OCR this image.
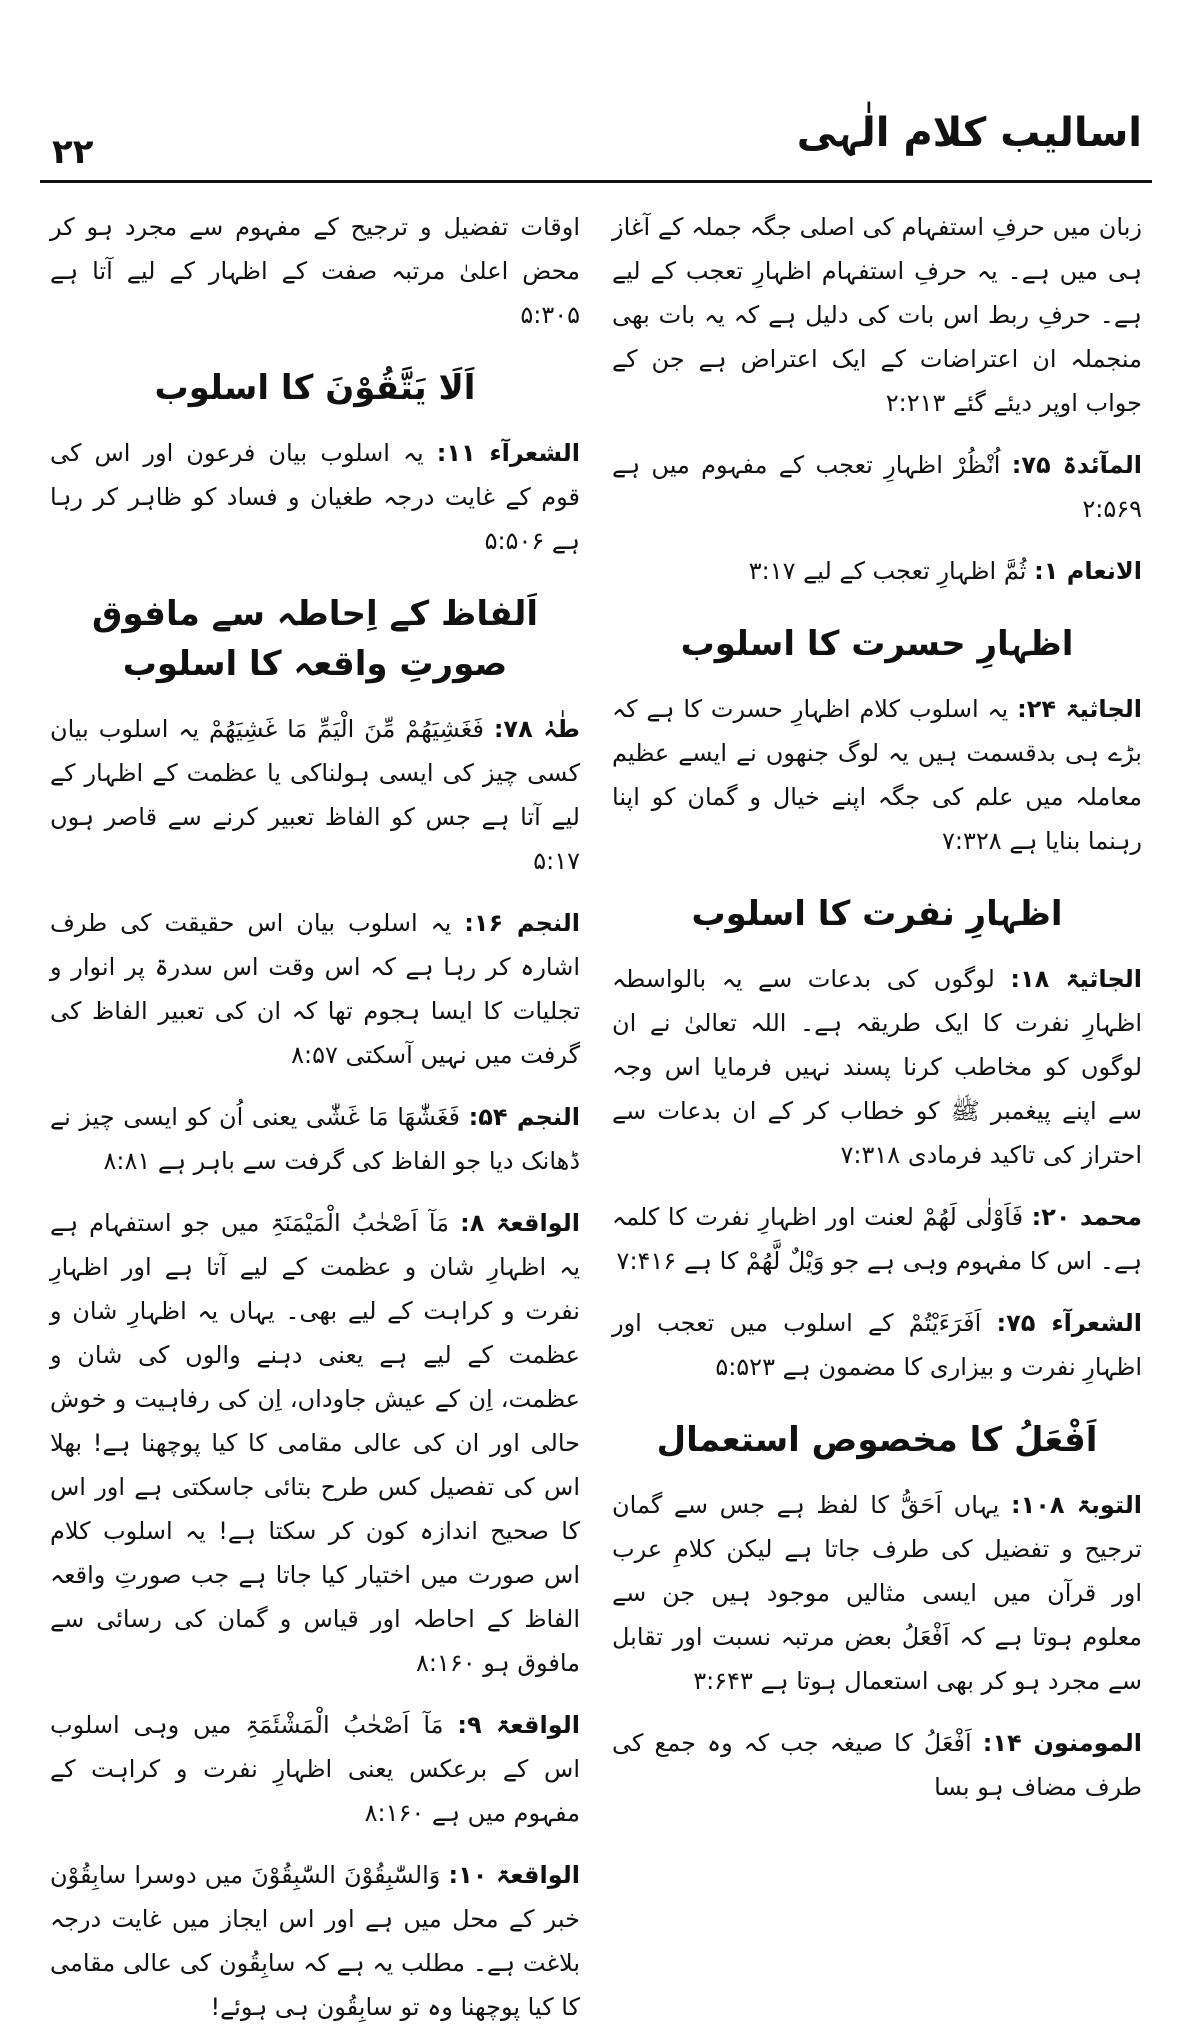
اسالیب کلام الٰہی
۲۲

زبان میں حرفِ استفہام کی اصلی جگہ جملہ کے آغاز ہی میں ہے۔ یہ حرفِ استفہام اظہارِ تعجب کے لیے ہے۔ حرفِ ربط اس بات کی دلیل ہے کہ یہ بات بھی منجملہ ان اعتراضات کے ایک اعتراض ہے جن کے جواب اوپر دیئے گئے ۲:۲۱۳

المآئدۃ ۷۵: اُنْظُرْ اظہارِ تعجب کے مفہوم میں ہے ۲:۵۶۹

الانعام ۱: ثُمَّ اظہارِ تعجب کے لیے ۳:۱۷

اظہارِ حسرت کا اسلوب

الجاثیۃ ۲۴: یہ اسلوب کلام اظہارِ حسرت کا ہے کہ بڑے ہی بدقسمت ہیں یہ لوگ جنھوں نے ایسے عظیم معاملہ میں علم کی جگہ اپنے خیال و گمان کو اپنا رہنما بنایا ہے ۷:۳۲۸

اظہارِ نفرت کا اسلوب

الجاثیۃ ۱۸: لوگوں کی بدعات سے یہ بالواسطہ اظہارِ نفرت کا ایک طریقہ ہے۔ اللہ تعالیٰ نے ان لوگوں کو مخاطب کرنا پسند نہیں فرمایا اس وجہ سے اپنے پیغمبر ﷺ کو خطاب کر کے ان بدعات سے احتراز کی تاکید فرمادی ۷:۳۱۸

محمد ۲۰: فَاَوْلٰی لَھُمْ لعنت اور اظہارِ نفرت کا کلمہ ہے۔ اس کا مفہوم وہی ہے جو وَیْلٌ لَّھُمْ کا ہے ۷:۴۱۶

الشعرآء ۷۵: اَفَرَءَیْتُمْ کے اسلوب میں تعجب اور اظہارِ نفرت و بیزاری کا مضمون ہے ۵:۵۲۳

اَفْعَلُ کا مخصوص استعمال

التوبۃ ۱۰۸: یہاں اَحَقُّ کا لفظ ہے جس سے گمان ترجیح و تفضیل کی طرف جاتا ہے لیکن کلامِ عرب اور قرآن میں ایسی مثالیں موجود ہیں جن سے معلوم ہوتا ہے کہ اَفْعَلُ بعض مرتبہ نسبت اور تقابل سے مجرد ہو کر بھی استعمال ہوتا ہے ۳:۶۴۳

المومنون ۱۴: اَفْعَلُ کا صیغہ جب کہ وہ جمع کی طرف مضاف ہو بسا

اوقات تفضیل و ترجیح کے مفہوم سے مجرد ہو کر محض اعلیٰ مرتبہ صفت کے اظہار کے لیے آتا ہے ۵:۳۰۵

اَلَا یَتَّقُوْنَ کا اسلوب

الشعرآء ۱۱: یہ اسلوب بیان فرعون اور اس کی قوم کے غایت درجہ طغیان و فساد کو ظاہر کر رہا ہے ۵:۵۰۶

اَلفاظ کے اِحاطہ سے مافوق صورتِ واقعہ کا اسلوب

طٰہٰ ۷۸: فَغَشِیَھُمْ مِّنَ الْیَمِّ مَا غَشِیَھُمْ یہ اسلوب بیان کسی چیز کی ایسی ہولناکی یا عظمت کے اظہار کے لیے آتا ہے جس کو الفاظ تعبیر کرنے سے قاصر ہوں ۵:۱۷

النجم ۱۶: یہ اسلوب بیان اس حقیقت کی طرف اشارہ کر رہا ہے کہ اس وقت اس سدرۃ پر انوار و تجلیات کا ایسا ہجوم تھا کہ ان کی تعبیر الفاظ کی گرفت میں نہیں آسکتی ۸:۵۷

النجم ۵۴: فَغَشّٰھَا مَا غَشّٰی یعنی اُن کو ایسی چیز نے ڈھانک دیا جو الفاظ کی گرفت سے باہر ہے ۸:۸۱

الواقعۃ ۸: مَآ اَصْحٰبُ الْمَیْمَنَۃِ میں جو استفہام ہے یہ اظہارِ شان و عظمت کے لیے آتا ہے اور اظہارِ نفرت و کراہت کے لیے بھی۔ یہاں یہ اظہارِ شان و عظمت کے لیے ہے یعنی دہنے والوں کی شان و عظمت، اِن کے عیش جاوداں، اِن کی رفاہیت و خوش حالی اور ان کی عالی مقامی کا کیا پوچھنا ہے! بھلا اس کی تفصیل کس طرح بتائی جاسکتی ہے اور اس کا صحیح اندازہ کون کر سکتا ہے! یہ اسلوب کلام اس صورت میں اختیار کیا جاتا ہے جب صورتِ واقعہ الفاظ کے احاطہ اور قیاس و گمان کی رسائی سے مافوق ہو ۸:۱۶۰

الواقعۃ ۹: مَآ اَصْحٰبُ الْمَشْئَمَۃِ میں وہی اسلوب اس کے برعکس یعنی اظہارِ نفرت و کراہت کے مفہوم میں ہے ۸:۱۶۰

الواقعۃ ۱۰: وَالسّٰبِقُوْنَ السّٰبِقُوْنَ میں دوسرا سابِقُوْن خبر کے محل میں ہے اور اس ایجاز میں غایت درجہ بلاغت ہے۔ مطلب یہ ہے کہ سابِقُون کی عالی مقامی کا کیا پوچھنا وہ تو سابِقُون ہی ہوئے!
